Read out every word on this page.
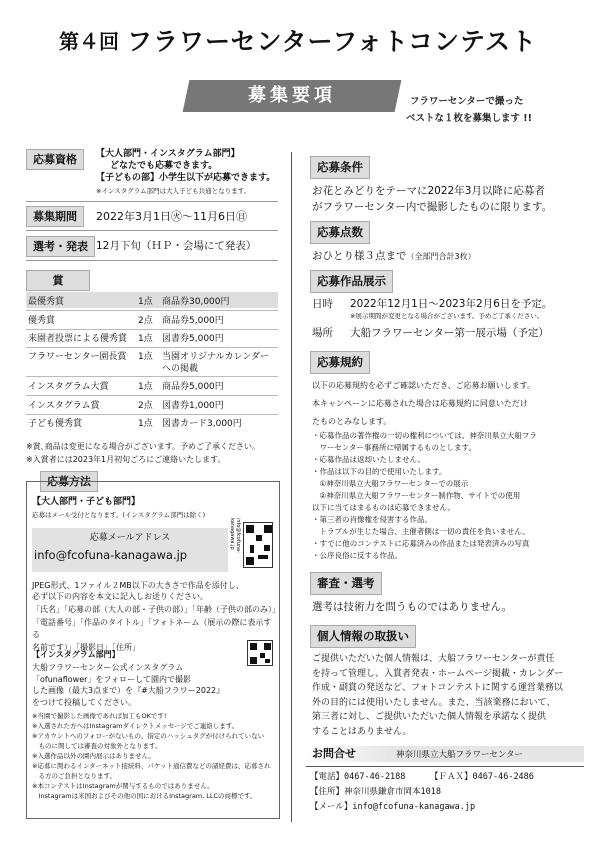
第４回 フラワーセンターフォトコンテスト
募集要項	フラワーセンターで撮った
ベストな１枚を募集します !!
応募資格	【大人部門・インスタグラム部門】
どなたでも応募できます。
【子どもの部】小学生以下が応募できます。
※インスタグラム部門は大人子ども共通となります。
募集期間	2022年3月1日㊋〜11月6日㊐
選考・発表 12月下旬（ＨＰ・会場にて発表）
賞
最優秀賞	1点 商品券30,000円
優秀賞	2点 商品券5,000円
来園者投票による優秀賞 1点 図書券5,000円
フラワーセンター園長賞 1点 当園オリジナルカレンダー
への掲載
インスタグラム大賞	1点 商品券5,000円
インスタグラム賞	2点 図書券1,000円
子ども優秀賞	1点 図書カード3,000円
※賞､商品は変更になる場合がございます。予めご了承ください。
※入賞者には2023年1月初旬ごろにご連絡いたします。
応募方法
【大人部門・子ども部門】
応募はメール受付となります。(インスタグラム部門は除く)
応募メールアドレス
info@fcofuna-kanagawa.jp
info@fcofuna-kanagawa.jp
JPEG形式、1ファイル２MB以下の大きさで作品を添付し、
必ず以下の内容を本文に記入しお送りください。
「氏名」「応募の部（大人の部・子供の部）」「年齢（子供の部のみ）」
「電話番号」「作品のタイトル」「フォトネーム（展示の際に表示する
名前です）」「撮影日」「住所」
【インスタグラム部門】
大船フラワーセンター公式インスタグラム
「ofunaflower」をフォローして園内で撮影
した画像（最大3点まで）を『#大船フラワー2022』
をつけて投稿してください。
※当園で撮影した画像であれば加工もOKです!
※入選された方へはInstagramダイレクトメッセージでご連絡します。
※アカウントへのフォローがないもの、指定のハッシュタグが付けられていない
　ものに関しては審査の対象外となります。
※入選作品以外の園内展示はありません。
※応募に関わるインターネット接続料、パケット通信費などの諸経費は、応募され
　る方のご負担となります。
※本コンテストはInstagramが関与するものではありません。
　Instagramは米国およびその他の国におけるInstagram, LLCの商標です。
応募条件
お花とみどりをテーマに2022年3月以降に応募者
がフラワーセンター内で撮影したものに限ります。
応募点数
おひとり様３点まで（全部門合計3枚）
応募作品展示
日時 2022年12月1日〜2023年2月6日を予定。
※展示期間が変更となる場合がございます。予めご了承ください。
場所 大船フラワーセンター第一展示場（予定）
応募規約
以下の応募規約を必ずご確認いただき、ご応募お願いします。
本キャンペーンに応募された場合は応募規約に同意いただけ
たものとみなします。
・応募作品の著作権の一切の権利については、神奈川県立大船フラ
　ワーセンター事務所に帰属するものとします。
・応募作品は返却いたしません。
・作品は以下の目的で使用いたします。
　①神奈川県立大船フラワーセンターでの展示
　②神奈川県立大船フラワーセンター制作物、サイトでの使用
以下に当てはまるものは応募できません。
・第三者の肖像権を侵害する作品。
　トラブルが生じた場合、主催者側は一切の責任を負いません。
・すでに他のコンテストに応募済みの作品または発表済みの写真
・公序良俗に反する作品。
審査・選考
選考は技術力を問うものではありません。
個人情報の取扱い
ご提供いただいた個人情報は、大船フラワーセンターが責任
を持って管理し、入賞者発表・ホームページ掲載・カレンダー
作成・副賞の発送など、フォトコンテストに関する運営業務以
外の目的には使用いたしません。また、当該業務において、
第三者に対し、ご提供いただいた個人情報を承諾なく提供
することはありません。
お問合せ	神奈川県立大船フラワーセンター
【電話】0467-46-2188	【ＦＡＸ】0467-46-2486
【住所】神奈川県鎌倉市岡本1018
【メール】info@fcofuna-kanagawa.jp
